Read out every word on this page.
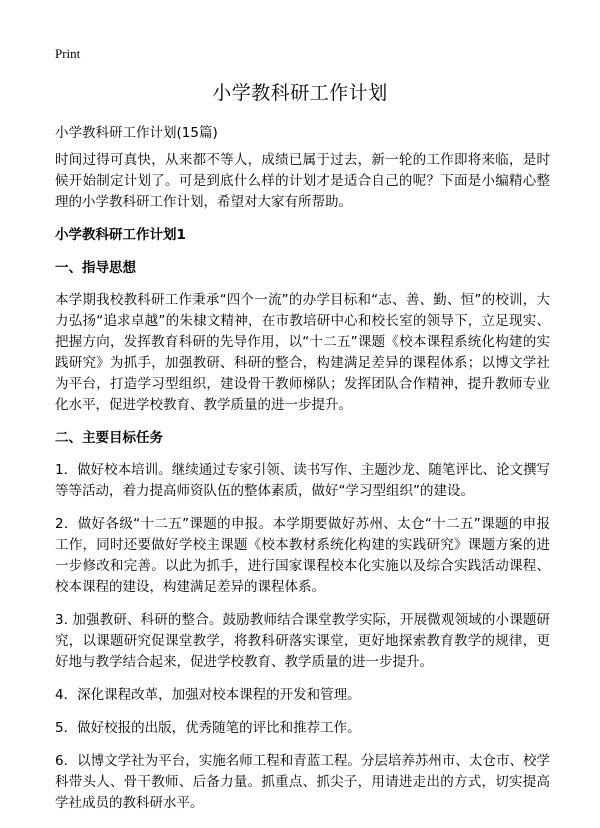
Print
小学教科研工作计划
小学教科研工作计划(15篇)

时间过得可真快，从来都不等人，成绩已属于过去，新一轮的工作即将来临，是时候开始制定计划了。可是到底什么样的计划才是适合自己的呢？下面是小编精心整理的小学教科研工作计划，希望对大家有所帮助。

小学教科研工作计划1

一、指导思想

本学期我校教科研工作秉承“四个一流”的办学目标和“志、善、勤、恒”的校训，大力弘扬“追求卓越”的朱棣文精神，在市教培研中心和校长室的领导下，立足现实、把握方向，发挥教育科研的先导作用，以“十二五”课题《校本课程系统化构建的实践研究》为抓手，加强教研、科研的整合，构建满足差异的课程体系；以博文学社为平台，打造学习型组织，建设骨干教师梯队；发挥团队合作精神，提升教师专业化水平，促进学校教育、教学质量的进一步提升。

二、主要目标任务

1．做好校本培训。继续通过专家引领、读书写作、主题沙龙、随笔评比、论文撰写等等活动，着力提高师资队伍的整体素质，做好“学习型组织”的建设。

2．做好各级“十二五”课题的申报。本学期要做好苏州、太仓“十二五”课题的申报工作，同时还要做好学校主课题《校本教材系统化构建的实践研究》课题方案的进一步修改和完善。以此为抓手，进行国家课程校本化实施以及综合实践活动课程、校本课程的建设，构建满足差异的课程体系。

3. 加强教研、科研的整合。鼓励教师结合课堂教学实际，开展微观领域的小课题研究，以课题研究促课堂教学，将教科研落实课堂，更好地探索教育教学的规律，更好地与教学结合起来，促进学校教育、教学质量的进一步提升。

4．深化课程改革，加强对校本课程的开发和管理。

5．做好校报的出版，优秀随笔的评比和推荐工作。

6．以博文学社为平台，实施名师工程和青蓝工程。分层培养苏州市、太仓市、校学科带头人、骨干教师、后备力量。抓重点、抓尖子，用请进走出的方式，切实提高学社成员的教科研水平。
